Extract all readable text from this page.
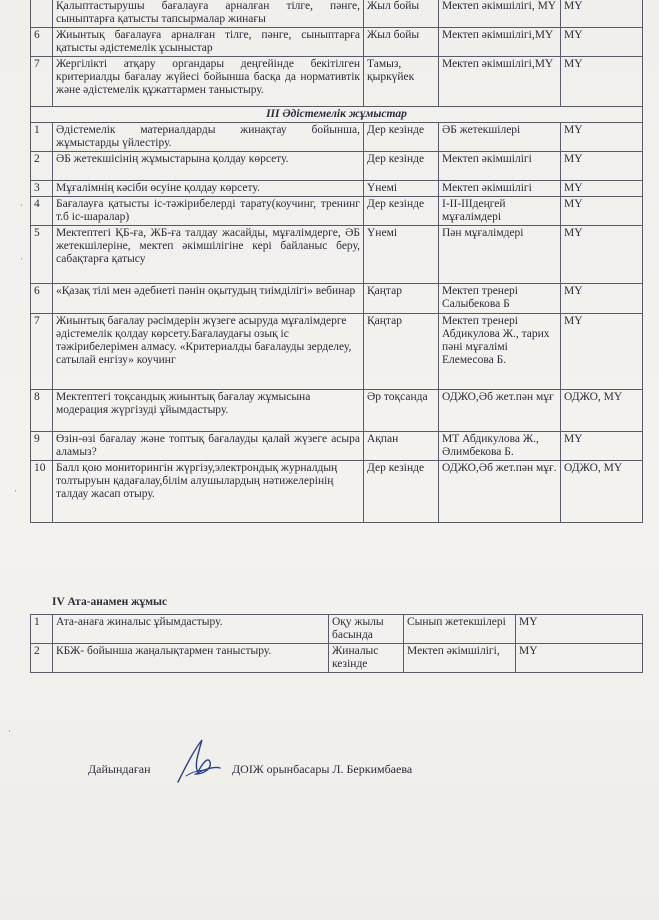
	Қалыптастырушы бағалауға арналған тілге, пәнге, сыныптарға қатысты тапсырмалар жинағы	Жыл бойы	Мектеп әкімшілігі, МҮ	МҮ
6	Жиынтық бағалауға арналған тілге, пәнге, сыныптарға қатысты әдістемелік ұсыныстар	Жыл бойы	Мектеп әкімшілігі,МҮ	МҮ
7	Жергілікті атқару органдары деңгейінде бекітілген критериалды бағалау жүйесі бойынша басқа да нормативтік және әдістемелік құжаттармен таныстыру.	Тамыз, қыркүйек	Мектеп әкімшілігі,МҮ	МҮ
III Әдістемелік жұмыстар				
1	Әдістемелік материалдарды жинақтау бойынша, жұмыстарды үйлестіру.	Дер кезінде	ӘБ жетекшілері	МҮ
2	ӘБ жетекшісінің жұмыстарына қолдау көрсету.	Дер кезінде	Мектеп әкімшілігі	МҮ
3	Мұғалімнің кәсіби өсуіне қолдау көрсету.	Үнемі	Мектеп әкімшілігі	МҮ
4	Бағалауға қатысты іс-тәжірибелерді тарату(коучинг, тренинг т.б іс-шаралар)	Дер кезінде	І-ІІ-ІІІдеңгей мұғалімдері	МҮ
5	Мектептегі ҚБ-ға, ЖБ-ға талдау жасайды, мұғалімдерге, ӘБ жетекшілеріне, мектеп әкімшілігіне кері байланыс беру, сабақтарға қатысу	Үнемі	Пән мұғалімдері	МҮ
6	«Қазақ тілі мен әдебиеті пәнін оқытудың тиімділігі» вебинар	Қаңтар	Мектеп тренері Салыбекова Б	МҮ
7	Жиынтық бағалау рәсімдерін жүзеге асыруда мұғалімдерге әдістемелік қолдау көрсету.Бағалаудағы озық іс тәжірибелерімен алмасу. «Критериалды бағалауды зерделеу, сатылай енгізу» коучинг	Қаңтар	Мектеп тренері Абдикулова Ж., тарих пәні мұғалімі Елемесова Б.	МҮ
8	Мектептегі тоқсандық жиынтық бағалау жұмысына модерация жүргізуді ұйымдастыру.	Әр тоқсанда	ОДЖО,Әб жет.пән мұғ	ОДЖО, МҮ
9	Өзін-өзі бағалау және топтық бағалауды қалай жүзеге асыра аламыз?	Ақпан	МТ Абдикулова Ж., Әлимбекова Б.	МҮ
10	Балл қою мониторингін жүргізу,электрондық журналдың толтыруын қадағалау,білім алушылардың нәтижелерінің талдау жасап отыру.	Дер кезінде	ОДЖО,Әб жет.пән мұғ.	ОДЖО, МҮ
IV Ата-анамен жұмыс
1	Ата-анаға жиналыс ұйымдастыру.	Оқу жылы басында	Сынып жетекшілері	МҮ
2	КБЖ- бойынша жаңалықтармен таныстыру.	Жиналыс кезінде	Мектеп әкімшілігі,	МҮ
Дайындаған	ДОІЖ орынбасары Л. Беркимбаева
·
·
·
·
